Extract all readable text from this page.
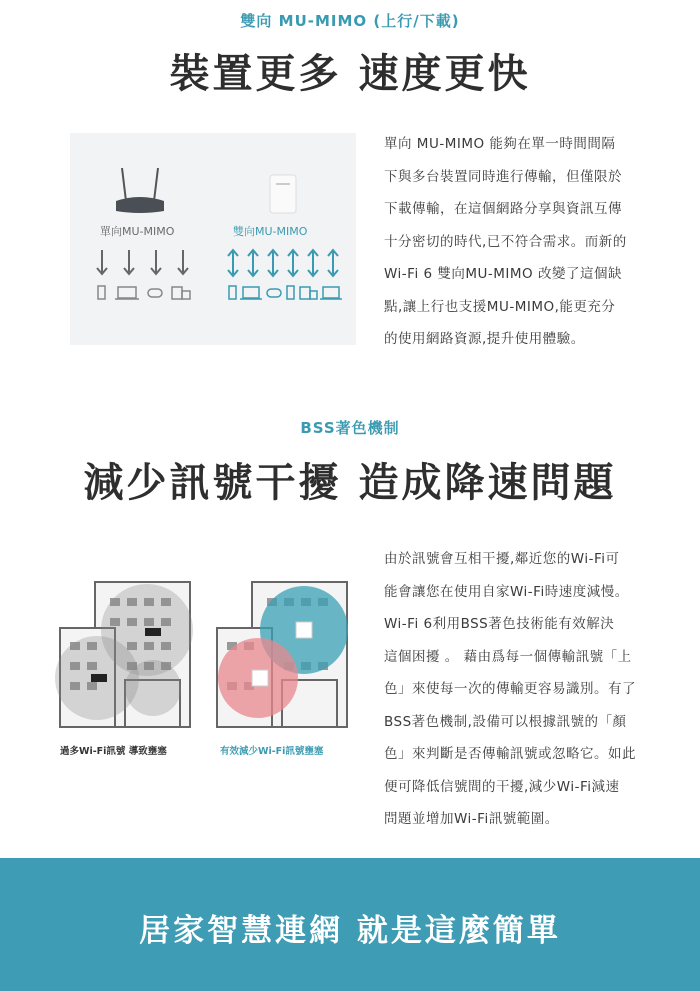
雙向 MU-MIMO (上行/下載)
裝置更多 速度更快
單向MU-MIMO	雙向MU-MIMO
單向 MU-MIMO 能夠在單一時間間隔
下與多台裝置同時進行傳輸，但僅限於
下載傳輸，在這個網路分享與資訊互傳
十分密切的時代,已不符合需求。而新的
Wi-Fi 6 雙向MU-MIMO 改變了這個缺
點,讓上行也支援MU-MIMO,能更充分
的使用網路資源,提升使用體驗。
BSS著色機制
減少訊號干擾 造成降速問題
過多Wi-Fi訊號 導致壅塞	有效減少Wi-Fi訊號壅塞
由於訊號會互相干擾,鄰近您的Wi-Fi可
能會讓您在使用自家Wi-Fi時速度減慢。
Wi-Fi 6利用BSS著色技術能有效解決
這個困擾 。 藉由爲每一個傳輸訊號「上
色」來使每一次的傳輸更容易識別。有了
BSS著色機制,設備可以根據訊號的「顏
色」來判斷是否傳輸訊號或忽略它。如此
便可降低信號間的干擾,減少Wi-Fi減速
問題並增加Wi-Fi訊號範圍。
居家智慧連網 就是這麼簡單
